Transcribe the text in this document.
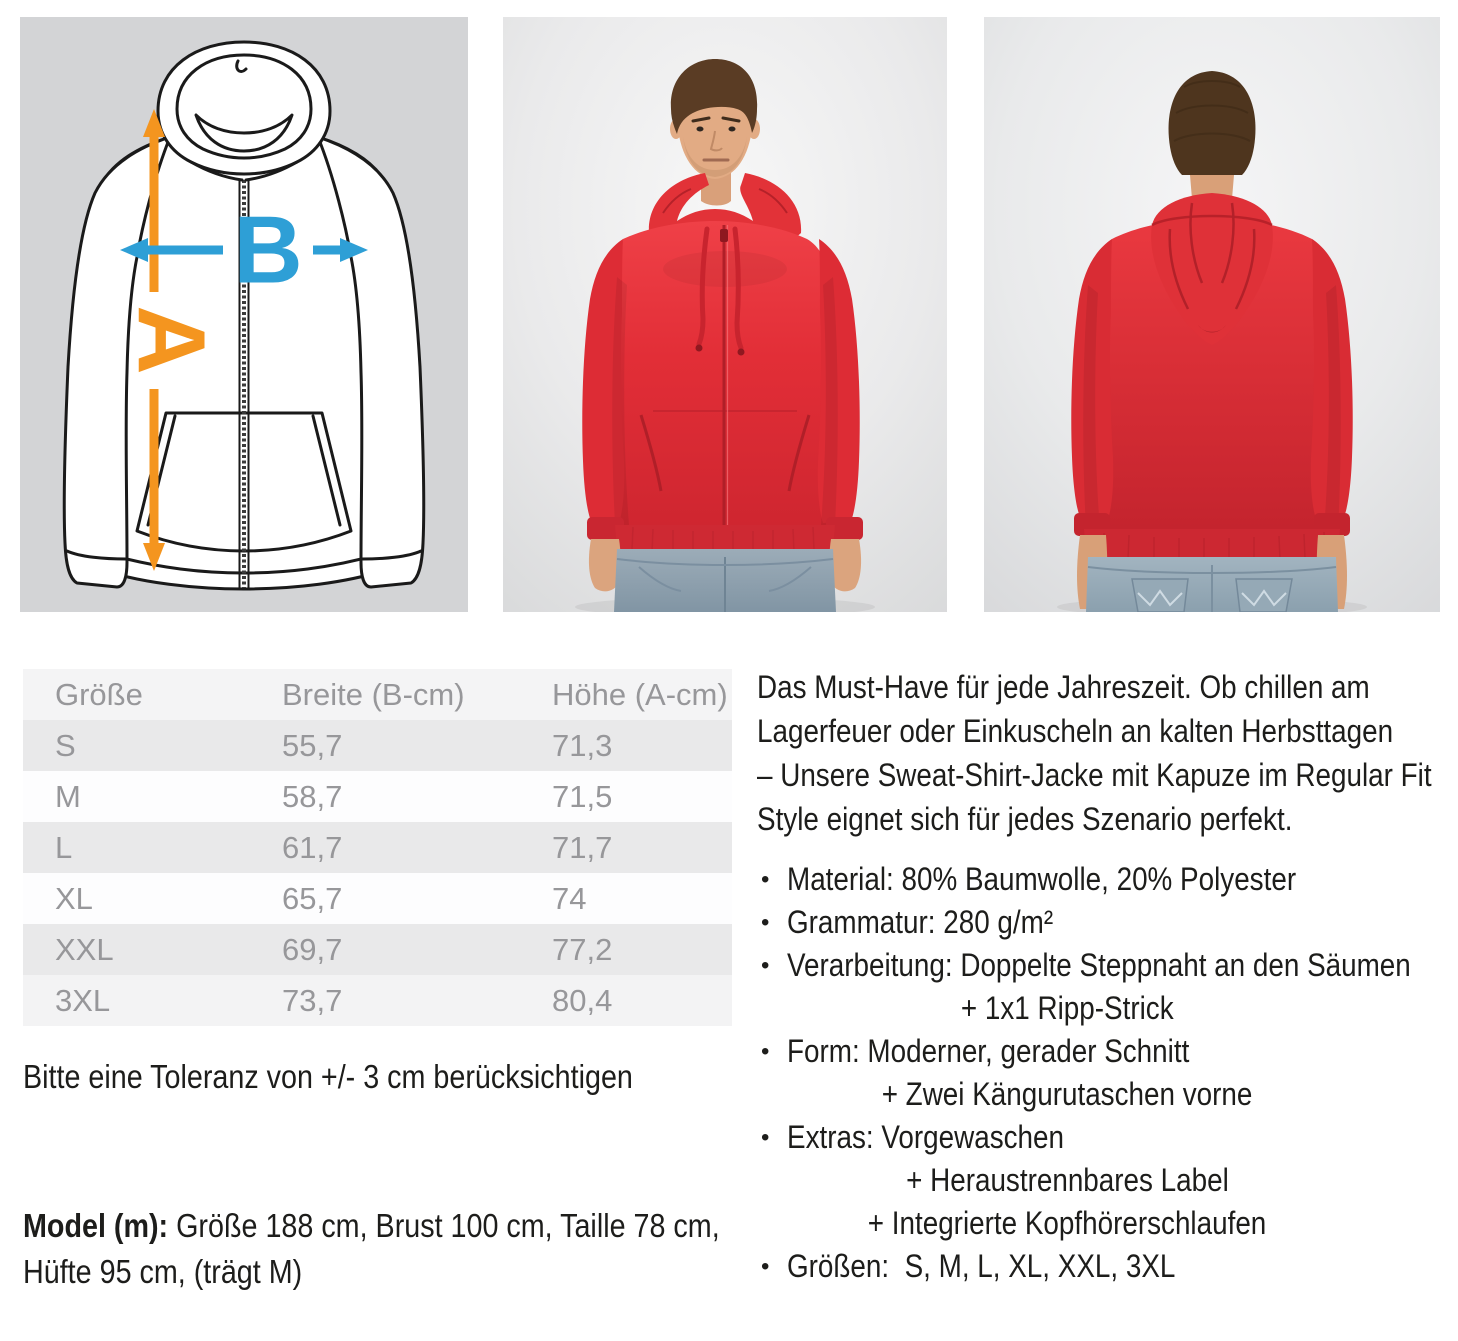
A
B
Größe	Breite (B-cm)	Höhe (A-cm)
S	55,7	71,3
M	58,7	71,5
L	61,7	71,7
XL	65,7	74
XXL	69,7	77,2
3XL	73,7	80,4
Bitte eine Toleranz von +/- 3 cm berücksichtigen
Model (m): Größe 188 cm, Brust 100 cm, Taille 78 cm,
Hüfte 95 cm, (trägt M)
Das Must-Have für jede Jahreszeit. Ob chillen am
Lagerfeuer oder Einkuscheln an kalten Herbsttagen
– Unsere Sweat-Shirt-Jacke mit Kapuze im Regular Fit
Style eignet sich für jedes Szenario perfekt.
• Material: 80% Baumwolle, 20% Polyester
• Grammatur: 280 g/m²
• Verarbeitung: Doppelte Steppnaht an den Säumen
+ 1x1 Ripp-Strick
• Form: Moderner, gerader Schnitt
+ Zwei Kängurutaschen vorne
• Extras: Vorgewaschen
+ Heraustrennbares Label
+ Integrierte Kopfhörerschlaufen
• Größen:  S, M, L, XL, XXL, 3XL
